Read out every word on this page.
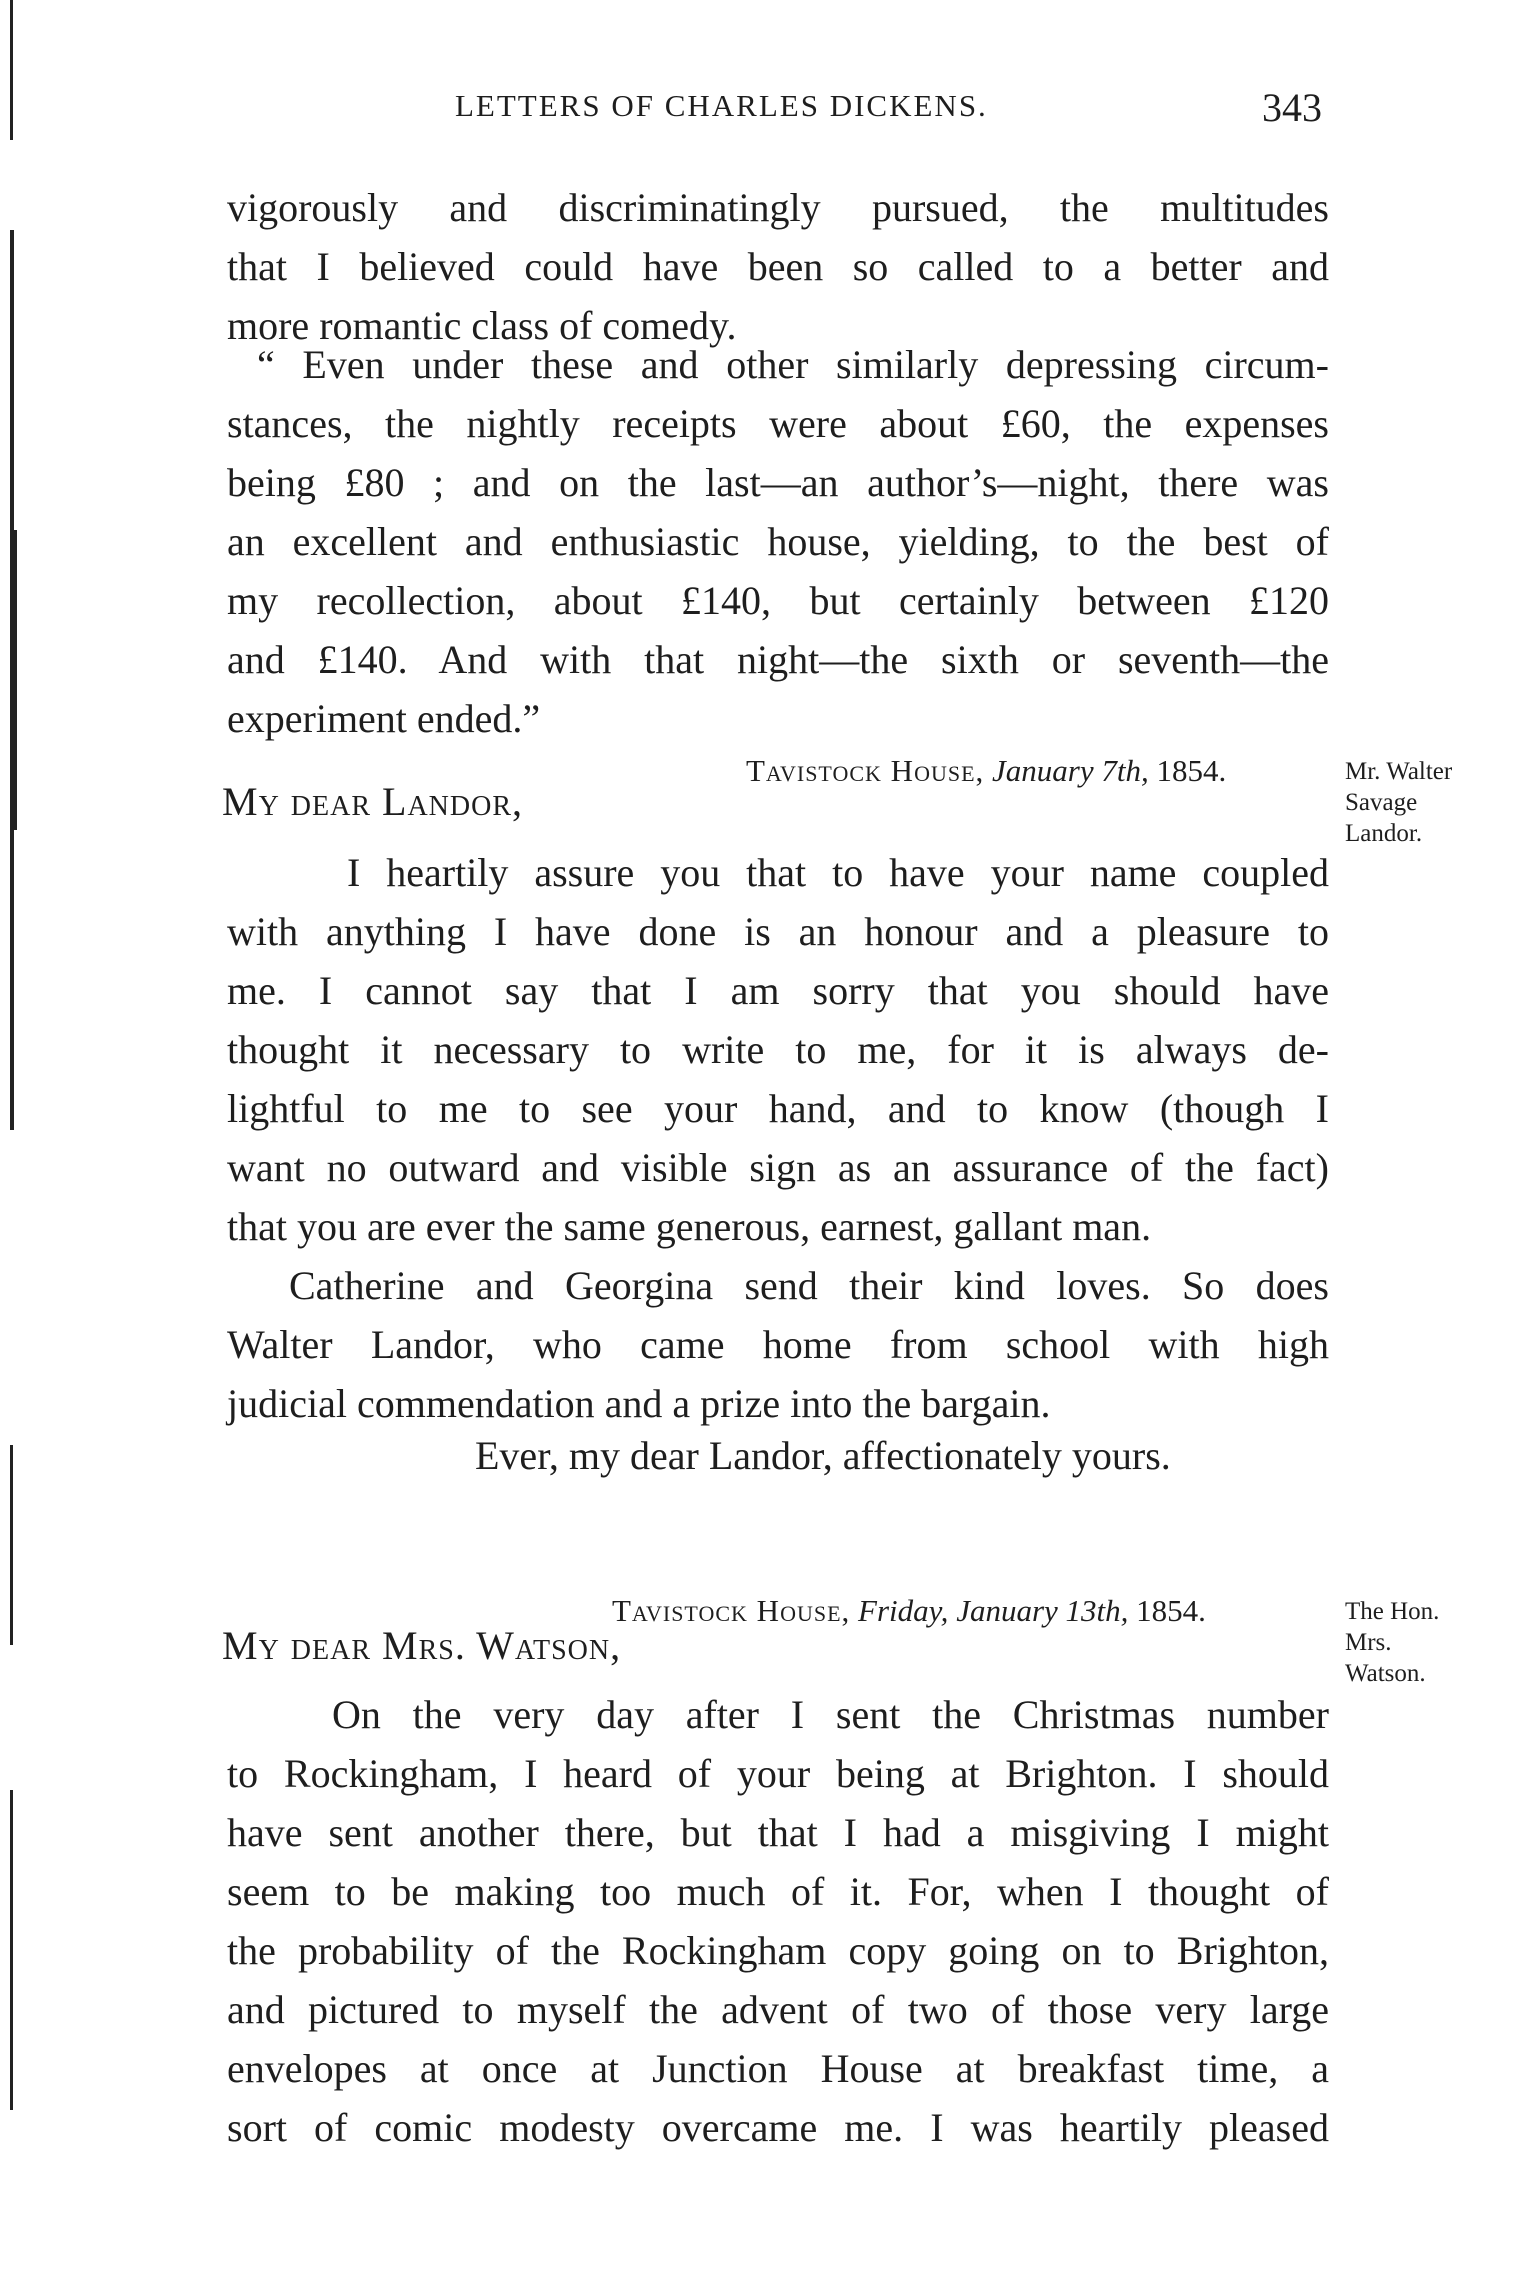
LETTERS OF CHARLES DICKENS.	343
vigorously and discriminatingly pursued, the multitudes
that I believed could have been so called to a better and
more romantic class of comedy.
“ Even under these and other similarly depressing circum-
stances, the nightly receipts were about £60, the expenses
being £80 ; and on the last—an author’s—night, there was
an excellent and enthusiastic house, yielding, to the best of
my recollection, about £140, but certainly between £120
and £140. And with that night—the sixth or seventh—the
experiment ended.”
Tavistock House, January 7th, 1854.	Mr. Walter
Savage
Landor.
My dear Landor,
I heartily assure you that to have your name coupled
with anything I have done is an honour and a pleasure to
me. I cannot say that I am sorry that you should have
thought it necessary to write to me, for it is always de-
lightful to me to see your hand, and to know (though I
want no outward and visible sign as an assurance of the fact)
that you are ever the same generous, earnest, gallant man.
Catherine and Georgina send their kind loves. So does
Walter Landor, who came home from school with high
judicial commendation and a prize into the bargain.
Ever, my dear Landor, affectionately yours.
Tavistock House, Friday, January 13th, 1854.	The Hon.
Mrs.
Watson.
My dear Mrs. Watson,
On the very day after I sent the Christmas number
to Rockingham, I heard of your being at Brighton. I should
have sent another there, but that I had a misgiving I might
seem to be making too much of it. For, when I thought of
the probability of the Rockingham copy going on to Brighton,
and pictured to myself the advent of two of those very large
envelopes at once at Junction House at breakfast time, a
sort of comic modesty overcame me. I was heartily pleased
